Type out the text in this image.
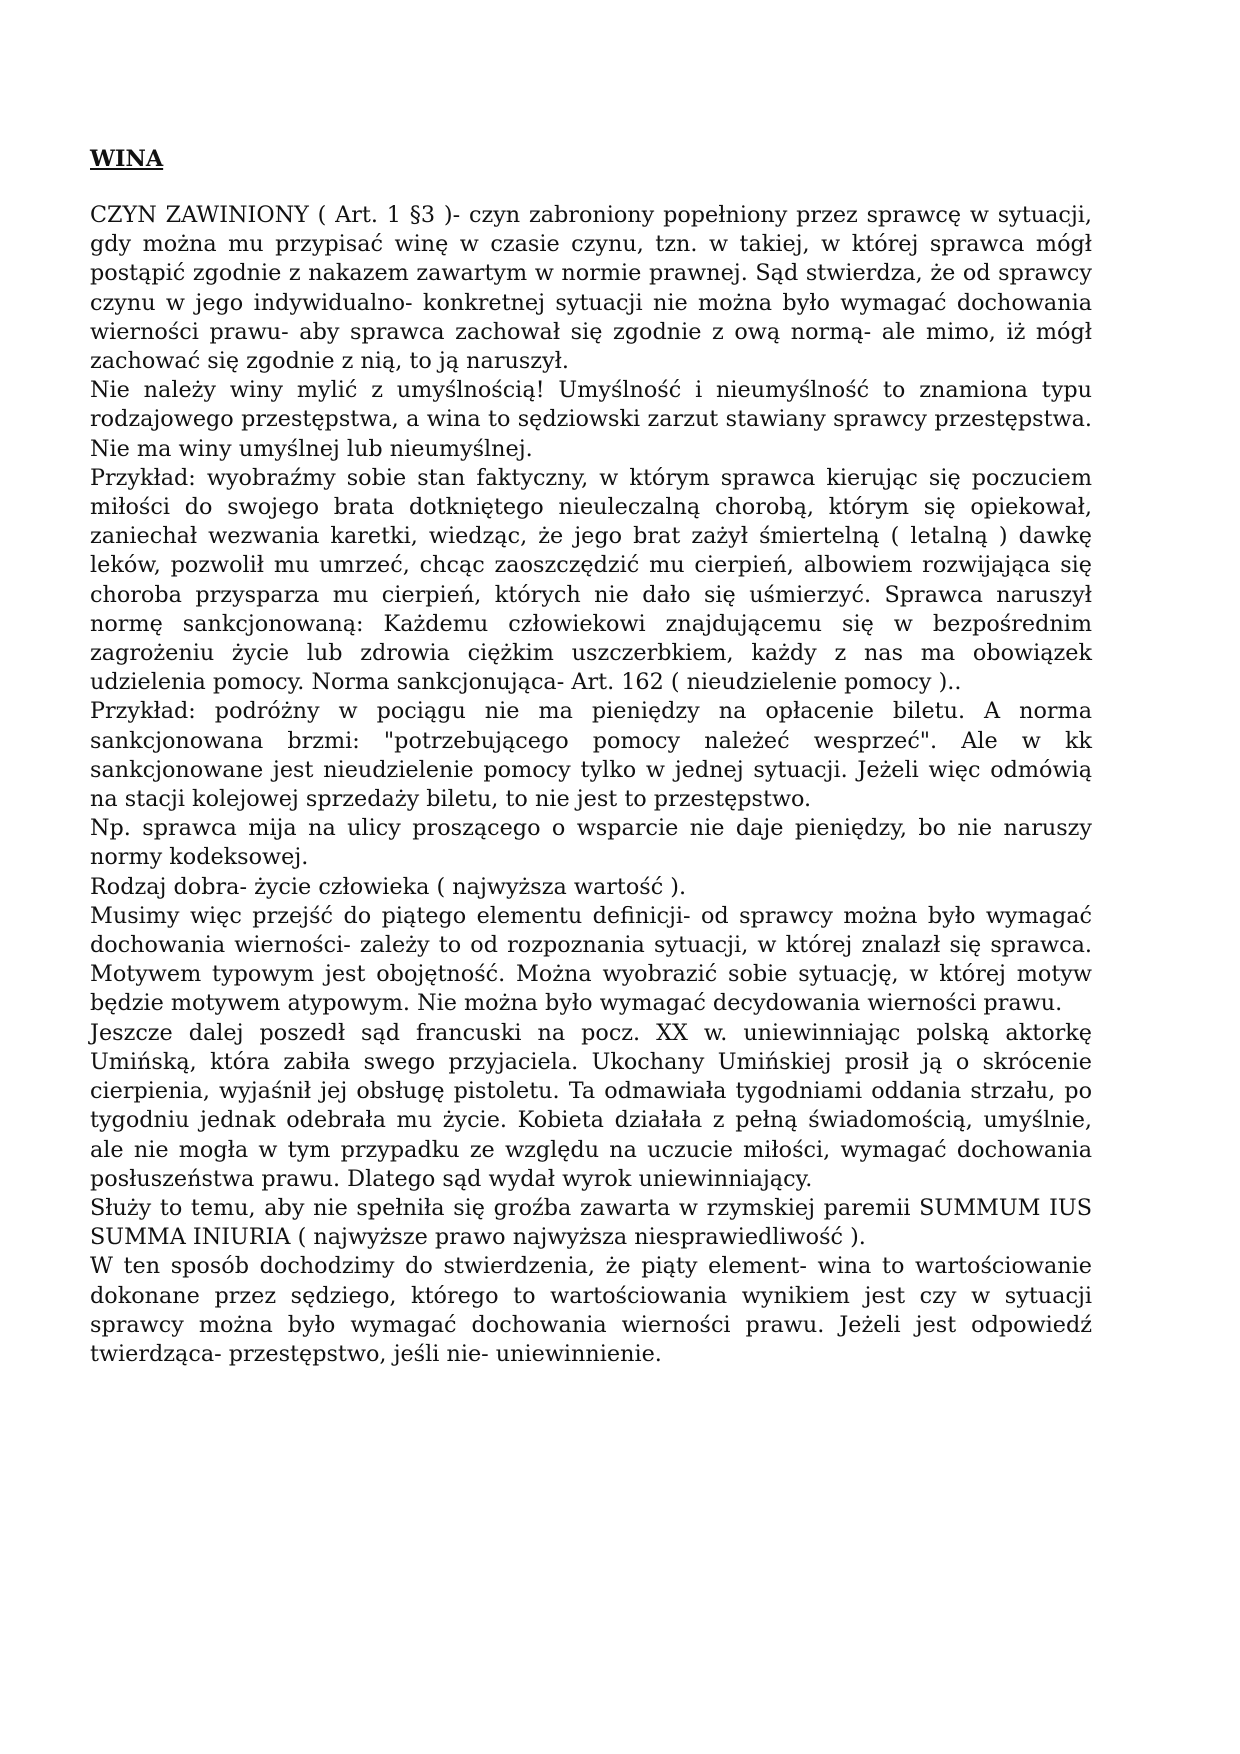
WINA

CZYN ZAWINIONY ( Art. 1 §3 )- czyn zabroniony popełniony przez sprawcę w sytuacji, gdy można mu przypisać winę w czasie czynu, tzn. w takiej, w której sprawca mógł postąpić zgodnie z nakazem zawartym w normie prawnej. Sąd stwierdza, że od sprawcy czynu w jego indywidualno- konkretnej sytuacji nie można było wymagać dochowania wierności prawu- aby sprawca zachował się zgodnie z ową normą- ale mimo, iż mógł zachować się zgodnie z nią, to ją naruszył.

Nie należy winy mylić z umyślnością! Umyślność i nieumyślność to znamiona typu rodzajowego przestępstwa, a wina to sędziowski zarzut stawiany sprawcy przestępstwa. Nie ma winy umyślnej lub nieumyślnej.

Przykład: wyobraźmy sobie stan faktyczny, w którym sprawca kierując się poczuciem miłości do swojego brata dotkniętego nieuleczalną chorobą, którym się opiekował, zaniechał wezwania karetki, wiedząc, że jego brat zażył śmiertelną ( letalną ) dawkę leków, pozwolił mu umrzeć, chcąc zaoszczędzić mu cierpień, albowiem rozwijająca się choroba przysparza mu cierpień, których nie dało się uśmierzyć. Sprawca naruszył normę sankcjonowaną: Każdemu człowiekowi znajdującemu się w bezpośrednim zagrożeniu życie lub zdrowia ciężkim uszczerbkiem, każdy z nas ma obowiązek udzielenia pomocy. Norma sankcjonująca- Art. 162 ( nieudzielenie pomocy )..

Przykład: podróżny w pociągu nie ma pieniędzy na opłacenie biletu. A norma sankcjonowana brzmi: "potrzebującego pomocy należeć wesprzeć". Ale w kk sankcjonowane jest nieudzielenie pomocy tylko w jednej sytuacji. Jeżeli więc odmówią na stacji kolejowej sprzedaży biletu, to nie jest to przestępstwo.

Np. sprawca mija na ulicy proszącego o wsparcie nie daje pieniędzy, bo nie naruszy normy kodeksowej.

Rodzaj dobra- życie człowieka ( najwyższa wartość ).

Musimy więc przejść do piątego elementu definicji- od sprawcy można było wymagać dochowania wierności- zależy to od rozpoznania sytuacji, w której znalazł się sprawca. Motywem typowym jest obojętność. Można wyobrazić sobie sytuację, w której motyw będzie motywem atypowym. Nie można było wymagać decydowania wierności prawu.

Jeszcze dalej poszedł sąd francuski na pocz. XX w. uniewinniając polską aktorkę Umińską, która zabiła swego przyjaciela. Ukochany Umińskiej prosił ją o skrócenie cierpienia, wyjaśnił jej obsługę pistoletu. Ta odmawiała tygodniami oddania strzału, po tygodniu jednak odebrała mu życie. Kobieta działała z pełną świadomością, umyślnie, ale nie mogła w tym przypadku ze względu na uczucie miłości, wymagać dochowania posłuszeństwa prawu. Dlatego sąd wydał wyrok uniewinniający.

Służy to temu, aby nie spełniła się groźba zawarta w rzymskiej paremii SUMMUM IUS SUMMA INIURIA ( najwyższe prawo najwyższa niesprawiedliwość ).

W ten sposób dochodzimy do stwierdzenia, że piąty element- wina to wartościowanie dokonane przez sędziego, którego to wartościowania wynikiem jest czy w sytuacji sprawcy można było wymagać dochowania wierności prawu. Jeżeli jest odpowiedź twierdząca- przestępstwo, jeśli nie- uniewinnienie.
